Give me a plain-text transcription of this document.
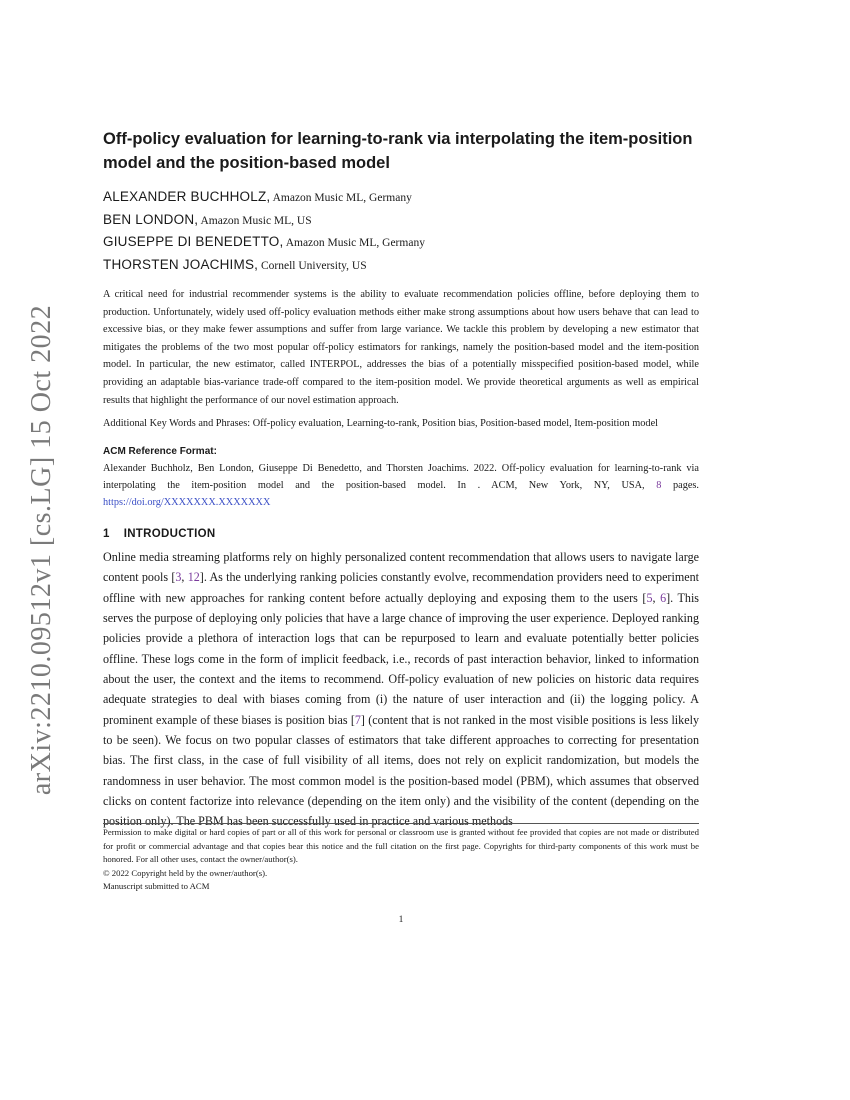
arXiv:2210.09512v1 [cs.LG] 15 Oct 2022
Off-policy evaluation for learning-to-rank via interpolating the item-position model and the position-based model
ALEXANDER BUCHHOLZ, Amazon Music ML, Germany
BEN LONDON, Amazon Music ML, US
GIUSEPPE DI BENEDETTO, Amazon Music ML, Germany
THORSTEN JOACHIMS, Cornell University, US

A critical need for industrial recommender systems is the ability to evaluate recommendation policies offline, before deploying them to production. Unfortunately, widely used off-policy evaluation methods either make strong assumptions about how users behave that can lead to excessive bias, or they make fewer assumptions and suffer from large variance. We tackle this problem by developing a new estimator that mitigates the problems of the two most popular off-policy estimators for rankings, namely the position-based model and the item-position model. In particular, the new estimator, called INTERPOL, addresses the bias of a potentially misspecified position-based model, while providing an adaptable bias-variance trade-off compared to the item-position model. We provide theoretical arguments as well as empirical results that highlight the performance of our novel estimation approach.

Additional Key Words and Phrases: Off-policy evaluation, Learning-to-rank, Position bias, Position-based model, Item-position model

ACM Reference Format:

Alexander Buchholz, Ben London, Giuseppe Di Benedetto, and Thorsten Joachims. 2022. Off-policy evaluation for learning-to-rank via interpolating the item-position model and the position-based model. In . ACM, New York, NY, USA, 8 pages. https://doi.org/XXXXXXX.XXXXXXX

1 INTRODUCTION

Online media streaming platforms rely on highly personalized content recommendation that allows users to navigate large content pools [3, 12]. As the underlying ranking policies constantly evolve, recommendation providers need to experiment offline with new approaches for ranking content before actually deploying and exposing them to the users [5, 6]. This serves the purpose of deploying only policies that have a large chance of improving the user experience. Deployed ranking policies provide a plethora of interaction logs that can be repurposed to learn and evaluate potentially better policies offline. These logs come in the form of implicit feedback, i.e., records of past interaction behavior, linked to information about the user, the context and the items to recommend. Off-policy evaluation of new policies on historic data requires adequate strategies to deal with biases coming from (i) the nature of user interaction and (ii) the logging policy. A prominent example of these biases is position bias [7] (content that is not ranked in the most visible positions is less likely to be seen). We focus on two popular classes of estimators that take different approaches to correcting for presentation bias. The first class, in the case of full visibility of all items, does not rely on explicit randomization, but models the randomness in user behavior. The most common model is the position-based model (PBM), which assumes that observed clicks on content factorize into relevance (depending on the item only) and the visibility of the content (depending on the position only). The PBM has been successfully used in practice and various methods

Permission to make digital or hard copies of part or all of this work for personal or classroom use is granted without fee provided that copies are not made or distributed for profit or commercial advantage and that copies bear this notice and the full citation on the first page. Copyrights for third-party components of this work must be honored. For all other uses, contact the owner/author(s).

© 2022 Copyright held by the owner/author(s).

Manuscript submitted to ACM

1
